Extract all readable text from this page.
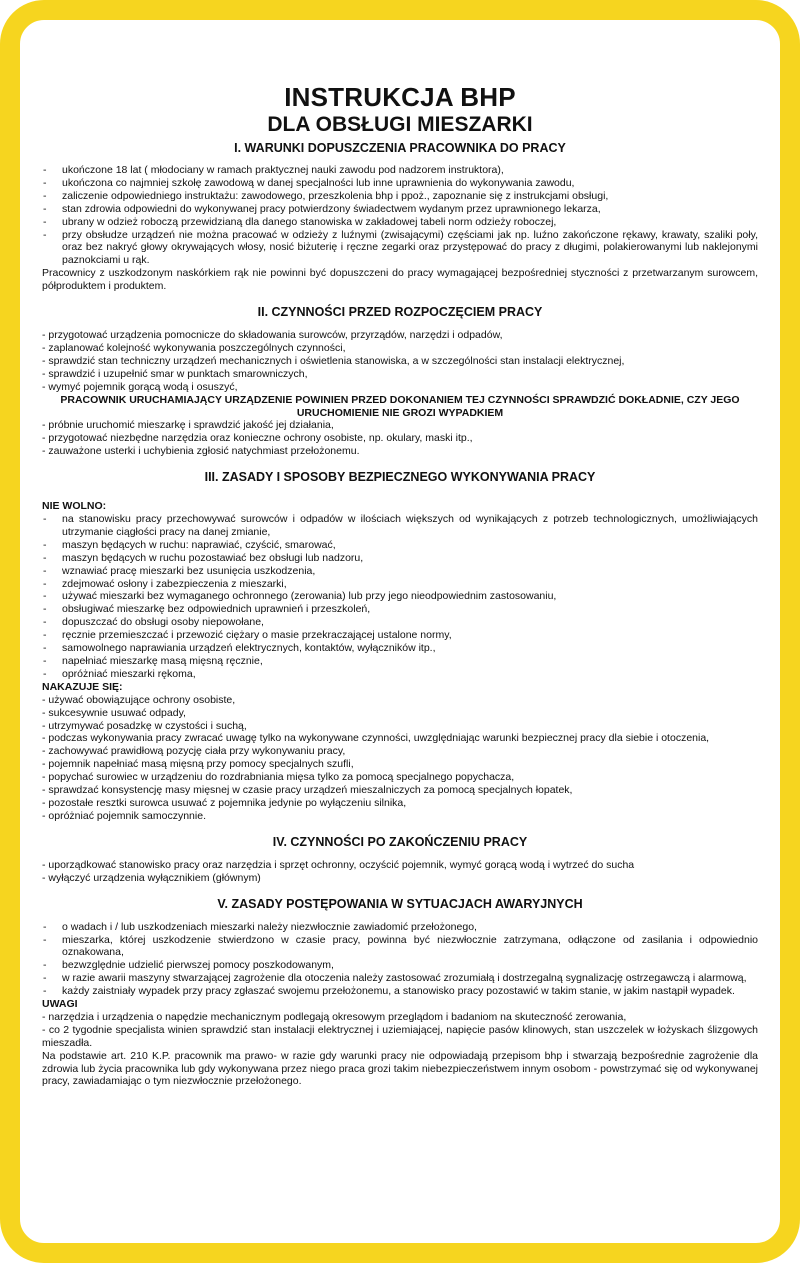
INSTRUKCJA BHP
DLA OBSŁUGI MIESZARKI
I. WARUNKI DOPUSZCZENIA PRACOWNIKA DO PRACY
- ukończone 18 lat ( młodociany w ramach praktycznej nauki zawodu pod nadzorem instruktora),
- ukończona co najmniej szkołę zawodową w danej specjalności lub inne uprawnienia do wykonywania zawodu,
- zaliczenie odpowiedniego instruktażu: zawodowego, przeszkolenia bhp i ppoż., zapoznanie się z instrukcjami obsługi,
- stan zdrowia odpowiedni do wykonywanej pracy potwierdzony świadectwem wydanym przez uprawnionego lekarza,
- ubrany w odzież roboczą przewidzianą dla danego stanowiska w zakładowej tabeli norm odzieży roboczej,
- przy obsłudze urządzeń nie można pracować w odzieży z luźnymi (zwisającymi) częściami jak np. luźno zakończone rękawy, krawaty, szaliki poły, oraz bez nakryć głowy okrywających włosy, nosić biżuterię i ręczne zegarki oraz przystępować do pracy z długimi, polakierowanymi lub naklejonymi paznokciami u rąk.

Pracownicy z uszkodzonym naskórkiem rąk nie powinni być dopuszczeni do pracy wymagającej bezpośredniej styczności z przetwarzanym surowcem, półproduktem i produktem.

II. CZYNNOŚCI PRZED ROZPOCZĘCIEM PRACY

- przygotować urządzenia pomocnicze do składowania surowców, przyrządów, narzędzi i odpadów,

- zaplanować kolejność wykonywania poszczególnych czynności,

- sprawdzić stan techniczny urządzeń mechanicznych i oświetlenia stanowiska, a w szczególności stan instalacji elektrycznej,

- sprawdzić i uzupełnić smar w punktach smarowniczych,

- wymyć pojemnik gorącą wodą i osuszyć,

PRACOWNIK URUCHAMIAJĄCY URZĄDZENIE POWINIEN PRZED DOKONANIEM TEJ CZYNNOŚCI SPRAWDZIĆ DOKŁADNIE, CZY JEGO URUCHOMIENIE NIE GROZI WYPADKIEM

- próbnie uruchomić mieszarkę i sprawdzić jakość jej działania,

- przygotować niezbędne narzędzia oraz konieczne ochrony osobiste, np. okulary, maski itp.,

- zauważone usterki i uchybienia zgłosić natychmiast przełożonemu.

III. ZASADY I SPOSOBY BEZPIECZNEGO WYKONYWANIA PRACY

NIE WOLNO:

- na stanowisku pracy przechowywać surowców i odpadów w ilościach większych od wynikających z potrzeb technologicznych, umożliwiających utrzymanie ciągłości pracy na danej zmianie,
- maszyn będących w ruchu: naprawiać, czyścić, smarować,
- maszyn będących w ruchu pozostawiać bez obsługi lub nadzoru,
- wznawiać pracę mieszarki bez usunięcia uszkodzenia,
- zdejmować osłony i zabezpieczenia z mieszarki,
- używać mieszarki bez wymaganego ochronnego (zerowania) lub przy jego nieodpowiednim zastosowaniu,
- obsługiwać mieszarkę bez odpowiednich uprawnień i przeszkoleń,
- dopuszczać do obsługi osoby niepowołane,
- ręcznie przemieszczać i przewozić ciężary o masie przekraczającej ustalone normy,
- samowolnego naprawiania urządzeń elektrycznych, kontaktów, wyłączników itp.,
- napełniać mieszarkę masą mięsną ręcznie,
- opróżniać mieszarki rękoma,

NAKAZUJE SIĘ:

- używać obowiązujące ochrony osobiste,

- sukcesywnie usuwać odpady,

- utrzymywać posadzkę w czystości i suchą,

- podczas wykonywania pracy zwracać uwagę tylko na wykonywane czynności, uwzględniając warunki bezpiecznej pracy dla siebie i otoczenia,

- zachowywać prawidłową pozycję ciała przy wykonywaniu pracy,

- pojemnik napełniać masą mięsną przy pomocy specjalnych szufli,

- popychać surowiec w urządzeniu do rozdrabniania mięsa tylko za pomocą specjalnego popychacza,

- sprawdzać konsystencję masy mięsnej w czasie pracy urządzeń mieszalniczych za pomocą specjalnych łopatek,

- pozostałe resztki surowca usuwać z pojemnika jedynie po wyłączeniu silnika,

- opróżniać pojemnik samoczynnie.

IV. CZYNNOŚCI PO ZAKOŃCZENIU PRACY

- uporządkować stanowisko pracy oraz narzędzia i sprzęt ochronny, oczyścić pojemnik, wymyć gorącą wodą i wytrzeć do sucha

- wyłączyć urządzenia wyłącznikiem (głównym)

V. ZASADY POSTĘPOWANIA W SYTUACJACH AWARYJNYCH
- o wadach i / lub uszkodzeniach mieszarki należy niezwłocznie zawiadomić przełożonego,
- mieszarka, której uszkodzenie stwierdzono w czasie pracy, powinna być niezwłocznie zatrzymana, odłączone od zasilania i odpowiednio oznakowana,
- bezwzględnie udzielić pierwszej pomocy poszkodowanym,
- w razie awarii maszyny stwarzającej zagrożenie dla otoczenia należy zastosować zrozumiałą i dostrzegalną sygnalizację ostrzegawczą i alarmową,
- każdy zaistniały wypadek przy pracy zgłaszać swojemu przełożonemu, a stanowisko pracy pozostawić w takim stanie, w jakim nastąpił wypadek.

UWAGI

- narzędzia i urządzenia o napędzie mechanicznym podlegają okresowym przeglądom i badaniom na skuteczność zerowania,

- co 2 tygodnie specjalista winien sprawdzić stan instalacji elektrycznej i uziemiającej, napięcie pasów klinowych, stan uszczelek w łożyskach ślizgowych mieszadła.

Na podstawie art. 210 K.P. pracownik ma prawo- w razie gdy warunki pracy nie odpowiadają przepisom bhp i stwarzają bezpośrednie zagrożenie dla zdrowia lub życia pracownika lub gdy wykonywana przez niego praca grozi takim niebezpieczeństwem innym osobom - powstrzymać się od wykonywanej pracy, zawiadamiając o tym niezwłocznie przełożonego.
